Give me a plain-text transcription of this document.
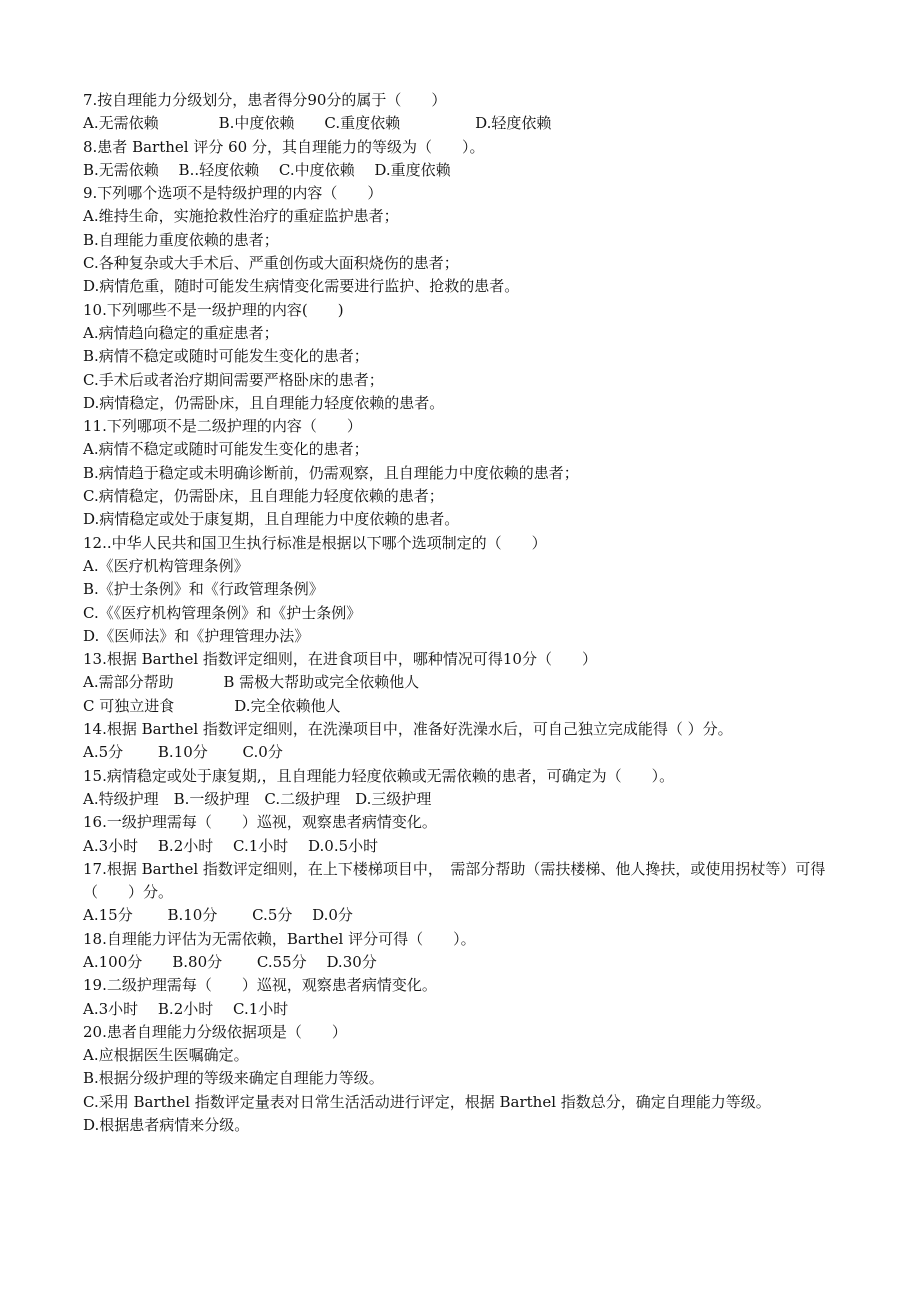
7.按自理能力分级划分，患者得分90分的属于（　　）
A.无需依赖　　　　B.中度依赖　　C.重度依赖　　　　　D.轻度依赖
8.患者 Barthel 评分 60 分，其自理能力的等级为（　　）。
B.无需依赖　 B..轻度依赖　 C.中度依赖　 D.重度依赖
9.下列哪个选项不是特级护理的内容（　　）
A.维持生命，实施抢救性治疗的重症监护患者；
B.自理能力重度依赖的患者；
C.各种复杂或大手术后、严重创伤或大面积烧伤的患者；
D.病情危重，随时可能发生病情变化需要进行监护、抢救的患者。
10.下列哪些不是一级护理的内容(　　)
A.病情趋向稳定的重症患者；
B.病情不稳定或随时可能发生变化的患者；
C.手术后或者治疗期间需要严格卧床的患者；
D.病情稳定，仍需卧床，且自理能力轻度依赖的患者。
11.下列哪项不是二级护理的内容（　　）
A.病情不稳定或随时可能发生变化的患者；
B.病情趋于稳定或未明确诊断前，仍需观察，且自理能力中度依赖的患者；
C.病情稳定，仍需卧床，且自理能力轻度依赖的患者；
D.病情稳定或处于康复期，且自理能力中度依赖的患者。
12..中华人民共和国卫生执行标准是根据以下哪个选项制定的（　　）
A.《医疗机构管理条例》
B.《护士条例》和《行政管理条例》
C.《《医疗机构管理条例》和《护士条例》
D.《医师法》和《护理管理办法》
13.根据 Barthel 指数评定细则，在进食项目中，哪种情况可得10分（　　）
A.需部分帮助　　　 B 需极大帮助或完全依赖他人
C 可独立进食　　　　D.完全依赖他人
14.根据 Barthel 指数评定细则，在洗澡项目中，准备好洗澡水后，可自己独立完成能得（ ）分。
A.5分　　 B.10分　　 C.0分
15.病情稳定或处于康复期,，且自理能力轻度依赖或无需依赖的患者，可确定为（　　）。
A.特级护理　B.一级护理　C.二级护理　D.三级护理
16.一级护理需每（　　）巡视，观察患者病情变化。
A.3小时　 B.2小时　 C.1小时　 D.0.5小时
17.根据 Barthel 指数评定细则，在上下楼梯项目中，　需部分帮助（需扶楼梯、他人搀扶，或使用拐杖等）可得（　　）分。
A.15分　　 B.10分　　 C.5分　 D.0分
18.自理能力评估为无需依赖，Barthel 评分可得（　　）。
A.100分　　B.80分　　 C.55分　 D.30分
19.二级护理需每（　　）巡视，观察患者病情变化。
A.3小时　 B.2小时　 C.1小时
20.患者自理能力分级依据项是（　　）
A.应根据医生医嘱确定。
B.根据分级护理的等级来确定自理能力等级。
C.采用 Barthel 指数评定量表对日常生活活动进行评定，根据 Barthel 指数总分，确定自理能力等级。
D.根据患者病情来分级。
